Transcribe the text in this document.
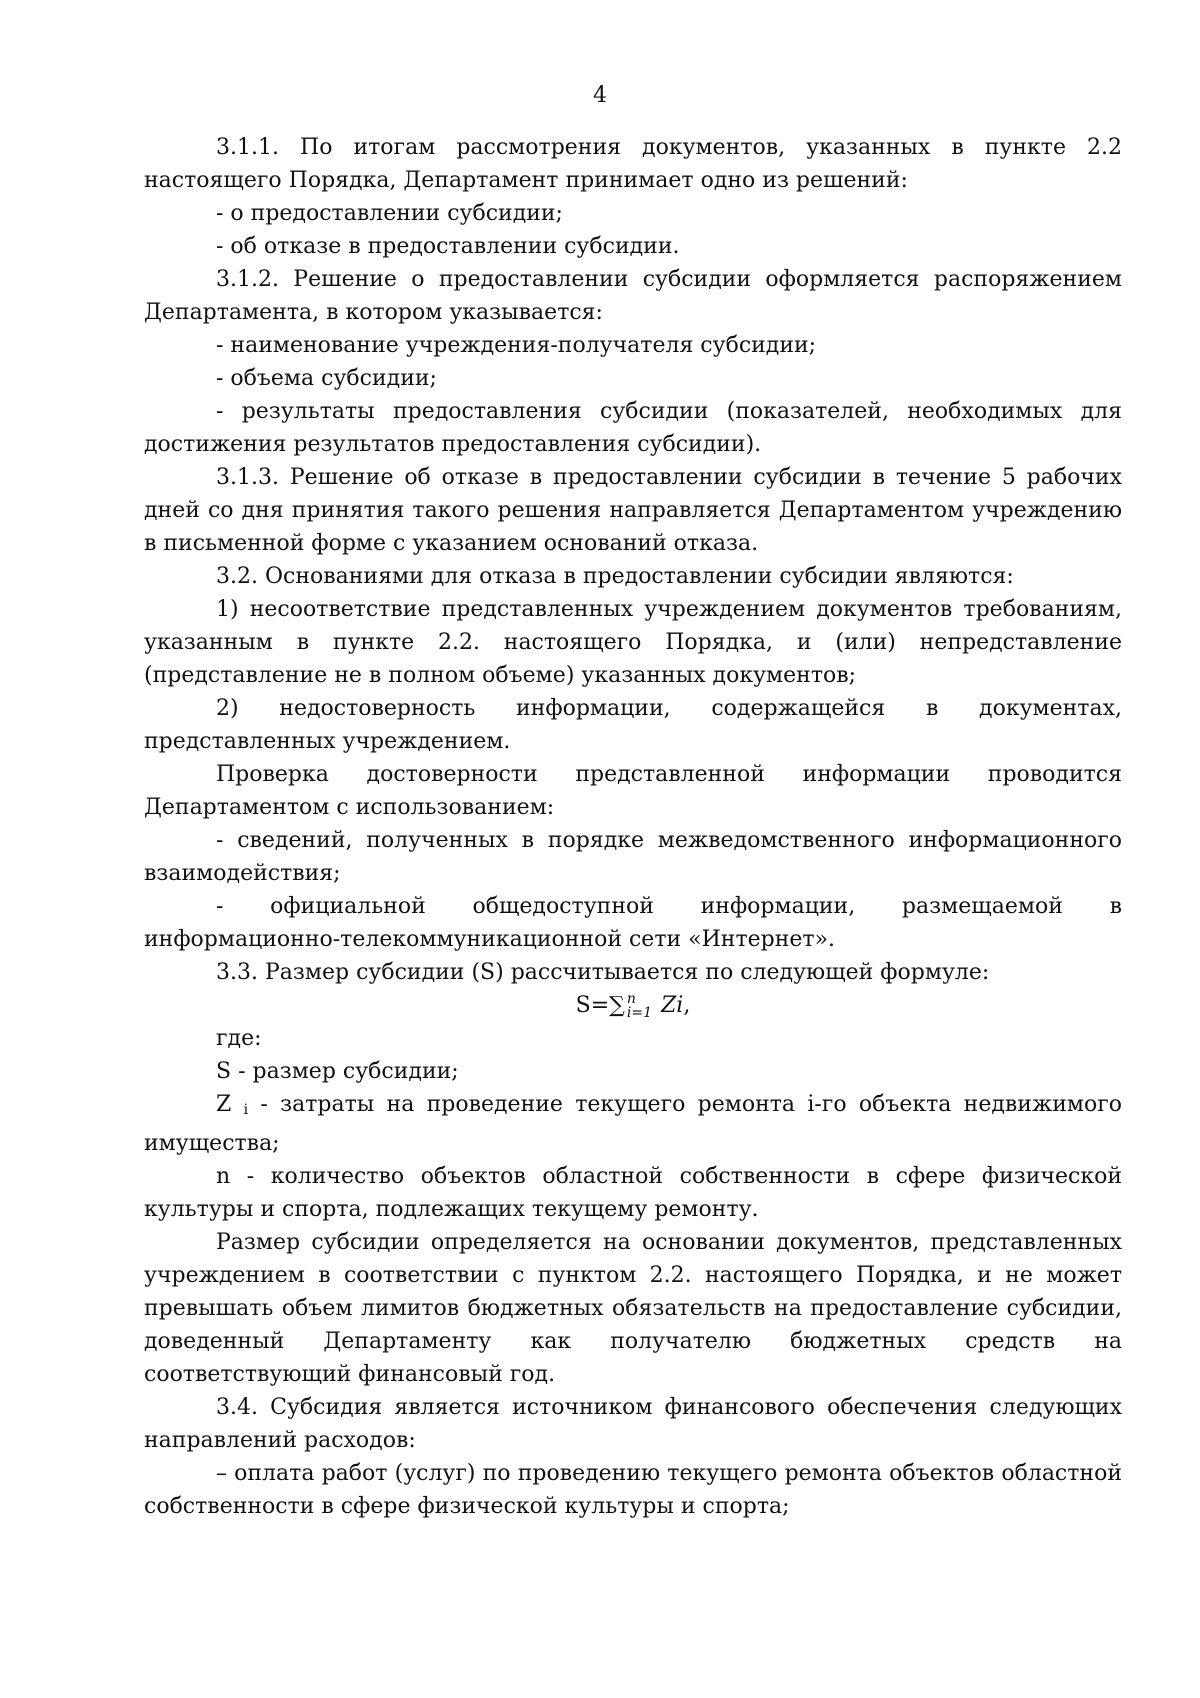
4

3.1.1. По итогам рассмотрения документов, указанных в пункте 2.2 настоящего Порядка, Департамент принимает одно из решений:

- о предоставлении субсидии;

- об отказе в предоставлении субсидии.

3.1.2. Решение о предоставлении субсидии оформляется распоряжением Департамента, в котором указывается:

- наименование учреждения-получателя субсидии;

- объема субсидии;

- результаты предоставления субсидии (показателей, необходимых для достижения результатов предоставления субсидии).

3.1.3. Решение об отказе в предоставлении субсидии в течение 5 рабочих дней со дня принятия такого решения направляется Департаментом учреждению в письменной форме с указанием оснований отказа.

3.2. Основаниями для отказа в предоставлении субсидии являются:

1) несоответствие представленных учреждением документов требованиям, указанным в пункте 2.2. настоящего Порядка, и (или) непредставление (представление не в полном объеме) указанных документов;

2) недостоверность информации, содержащейся в документах, представленных учреждением.

Проверка достоверности представленной информации проводится Департаментом с использованием:

- сведений, полученных в порядке межведомственного информационного взаимодействия;

- официальной общедоступной информации, размещаемой в информационно-телекоммуникационной сети «Интернет».

3.3. Размер субсидии (S) рассчитывается по следующей формуле:

S=∑ n
i=1 Zi,

где:

S - размер субсидии;

Z $_i$ - затраты на проведение текущего ремонта i-го объекта недвижимого имущества;

n - количество объектов областной собственности в сфере физической культуры и спорта, подлежащих текущему ремонту.

Размер субсидии определяется на основании документов, представленных учреждением в соответствии с пунктом 2.2. настоящего Порядка, и не может превышать объем лимитов бюджетных обязательств на предоставление субсидии, доведенный Департаменту как получателю бюджетных средств на соответствующий финансовый год.

3.4. Субсидия является источником финансового обеспечения следующих направлений расходов:

– оплата работ (услуг) по проведению текущего ремонта объектов областной собственности в сфере физической культуры и спорта;
